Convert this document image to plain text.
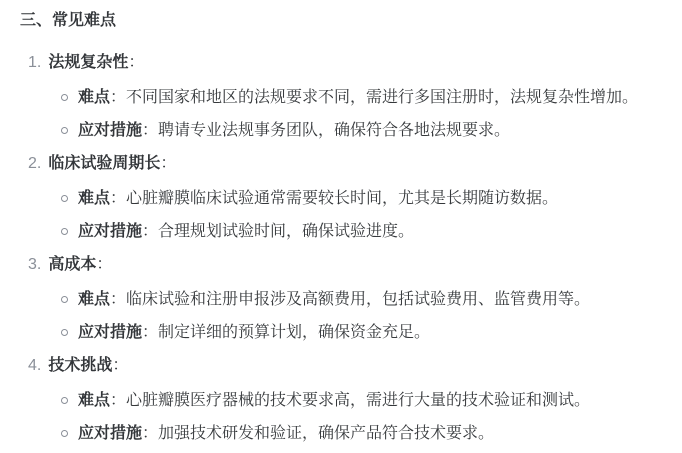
三、常见难点
1. 法规复杂性：
难点：不同国家和地区的法规要求不同，需进行多国注册时，法规复杂性增加。
应对措施：聘请专业法规事务团队，确保符合各地法规要求。
2. 临床试验周期长：
难点：心脏瓣膜临床试验通常需要较长时间，尤其是长期随访数据。
应对措施：合理规划试验时间，确保试验进度。
3. 高成本：
难点：临床试验和注册申报涉及高额费用，包括试验费用、监管费用等。
应对措施：制定详细的预算计划，确保资金充足。
4. 技术挑战：
难点：心脏瓣膜医疗器械的技术要求高，需进行大量的技术验证和测试。
应对措施：加强技术研发和验证，确保产品符合技术要求。
